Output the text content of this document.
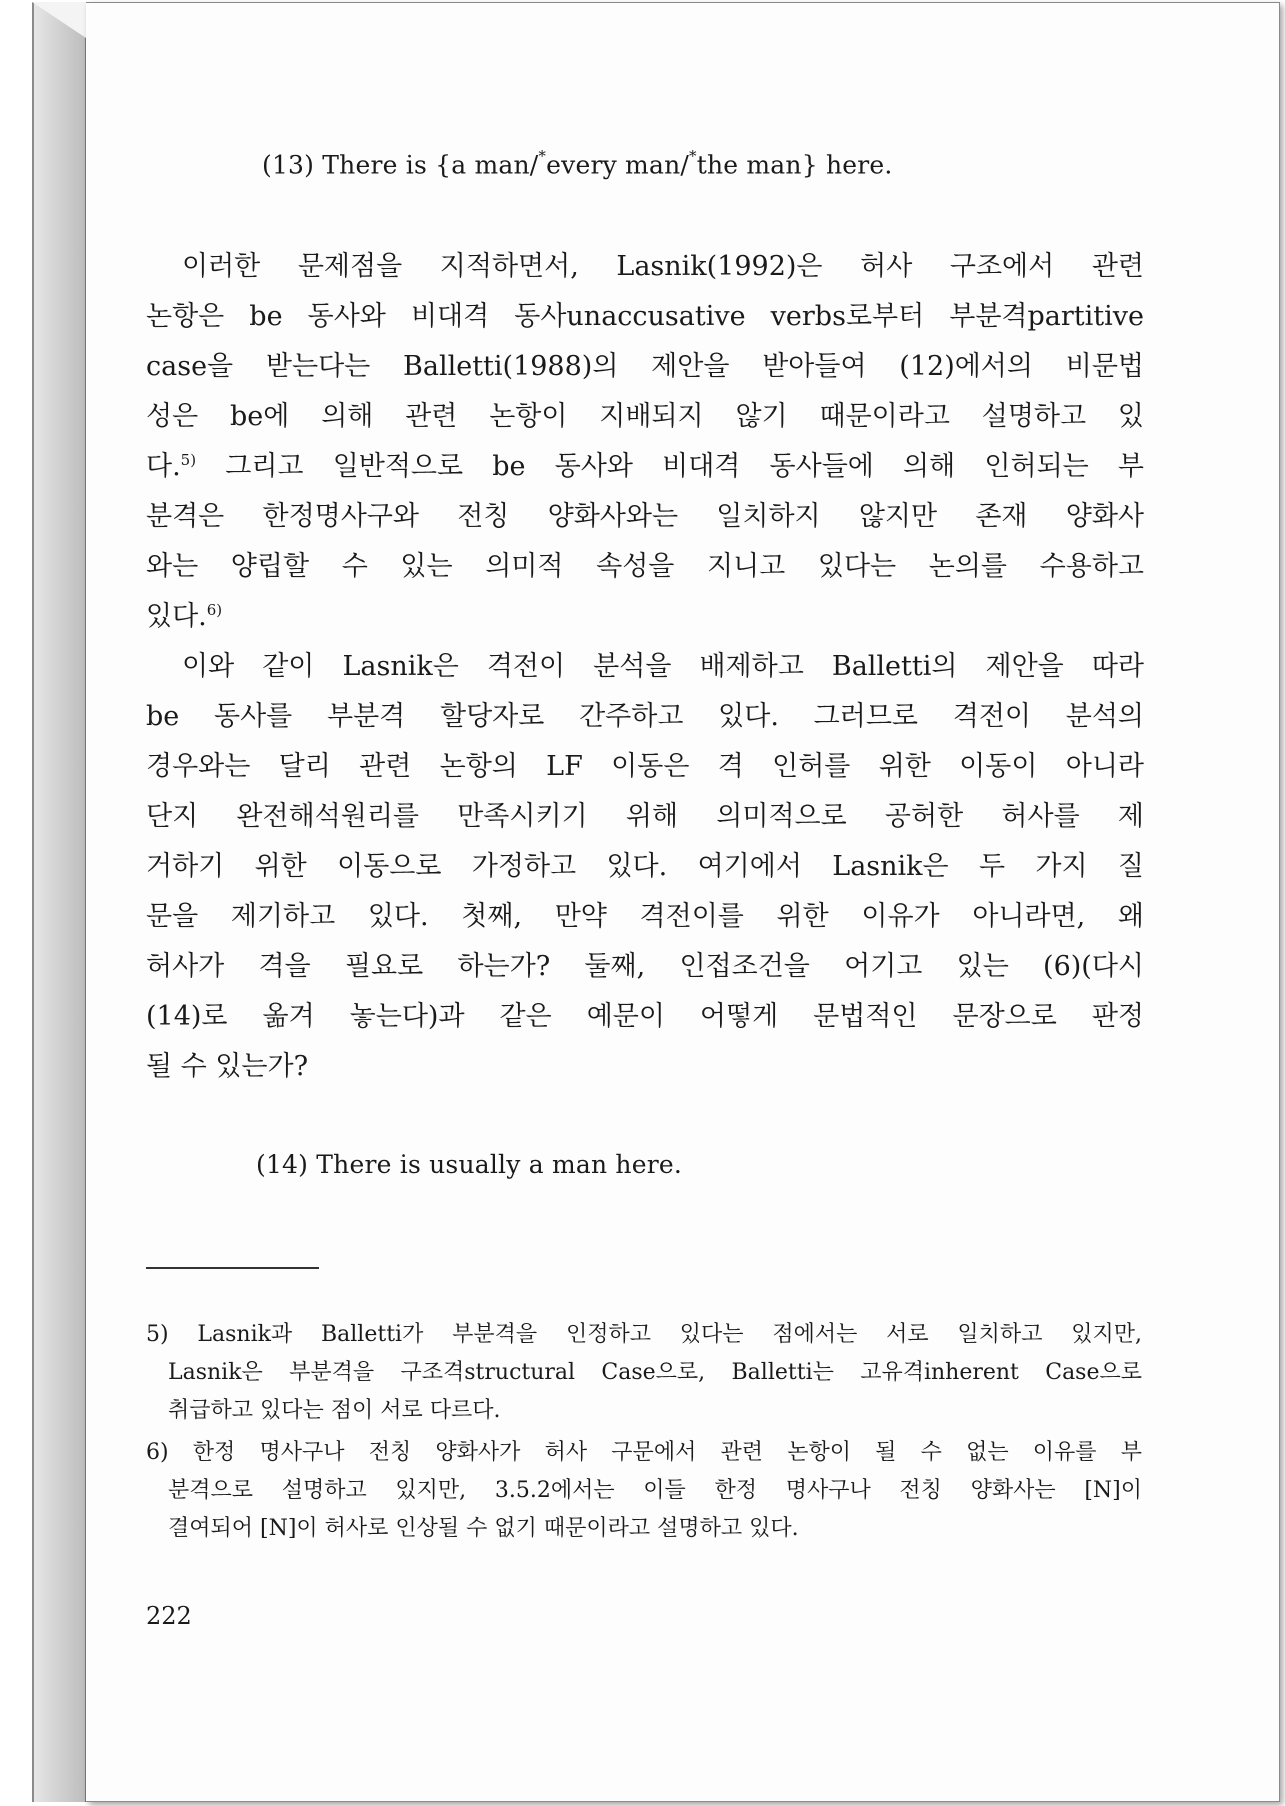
(13) There is {a man/*every man/*the man} here.
이러한 문제점을 지적하면서, Lasnik(1992)은 허사 구조에서 관련
논항은 be 동사와 비대격 동사unaccusative verbs로부터 부분격partitive
case을 받는다는 Balletti(1988)의 제안을 받아들여 (12)에서의 비문법
성은 be에 의해 관련 논항이 지배되지 않기 때문이라고 설명하고 있
다.$^{5)}$ 그리고 일반적으로 be 동사와 비대격 동사들에 의해 인허되는 부
분격은 한정명사구와 전칭 양화사와는 일치하지 않지만 존재 양화사
와는 양립할 수 있는 의미적 속성을 지니고 있다는 논의를 수용하고
있다.$^{6)}$
이와 같이 Lasnik은 격전이 분석을 배제하고 Balletti의 제안을 따라
be 동사를 부분격 할당자로 간주하고 있다. 그러므로 격전이 분석의
경우와는 달리 관련 논항의 LF 이동은 격 인허를 위한 이동이 아니라
단지 완전해석원리를 만족시키기 위해 의미적으로 공허한 허사를 제
거하기 위한 이동으로 가정하고 있다. 여기에서 Lasnik은 두 가지 질
문을 제기하고 있다. 첫째, 만약 격전이를 위한 이유가 아니라면, 왜
허사가 격을 필요로 하는가? 둘째, 인접조건을 어기고 있는 (6)(다시
(14)로 옮겨 놓는다)과 같은 예문이 어떻게 문법적인 문장으로 판정
될 수 있는가?
(14) There is usually a man here.
5) Lasnik과 Balletti가 부분격을 인정하고 있다는 점에서는 서로 일치하고 있지만,
Lasnik은 부분격을 구조격structural Case으로, Balletti는 고유격inherent Case으로
취급하고 있다는 점이 서로 다르다.
6) 한정 명사구나 전칭 양화사가 허사 구문에서 관련 논항이 될 수 없는 이유를 부
분격으로 설명하고 있지만, 3.5.2에서는 이들 한정 명사구나 전칭 양화사는 [N]이
결여되어 [N]이 허사로 인상될 수 없기 때문이라고 설명하고 있다.
222
